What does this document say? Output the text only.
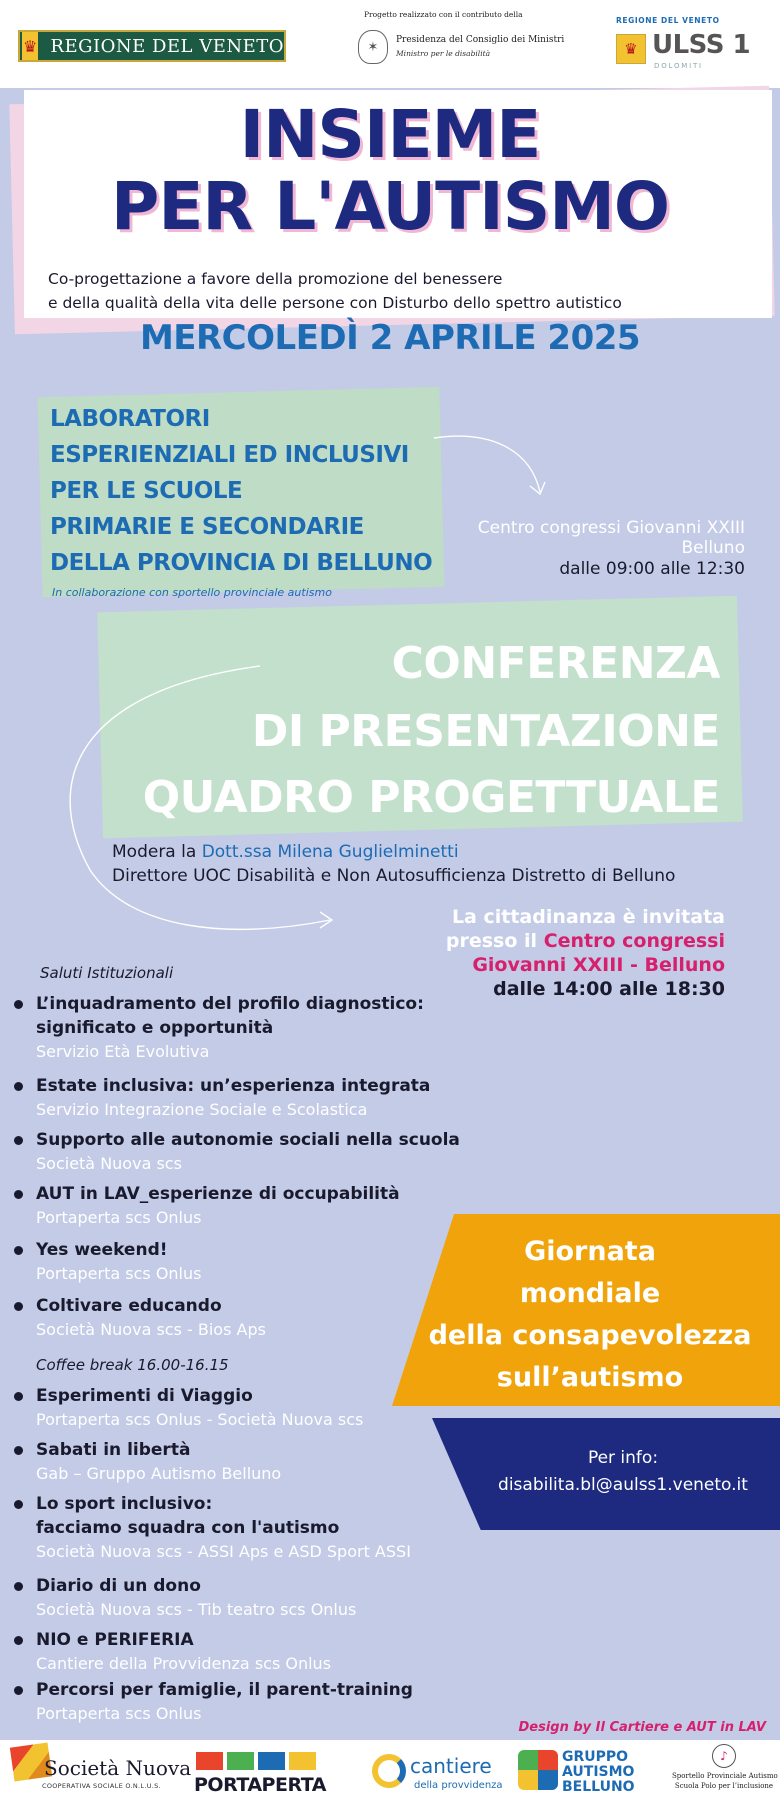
♛ REGIONE DEL VENETO
Progetto realizzato con il contributo della
✶	Presidenza del Consiglio dei Ministri
Ministro per le disabilità
REGIONE DEL VENETO
♛ ULSS 1
DOLOMITI
INSIEME
PER L'AUTISMO
Co-progettazione a favore della promozione del benessere
e della qualità della vita delle persone con Disturbo dello spettro autistico
MERCOLEDÌ 2 APRILE 2025
LABORATORI
ESPERIENZIALI ED INCLUSIVI
PER LE SCUOLE
PRIMARIE E SECONDARIE
DELLA PROVINCIA DI BELLUNO
In collaborazione con sportello provinciale autismo
Centro congressi Giovanni XXIII
Belluno
dalle 09:00 alle 12:30
CONFERENZA
DI PRESENTAZIONE
QUADRO PROGETTUALE
Modera la Dott.ssa Milena Guglielminetti
Direttore UOC Disabilità e Non Autosufficienza Distretto di Belluno
La cittadinanza è invitata
presso il Centro congressi
Giovanni XXIII - Belluno
dalle 14:00 alle 18:30
Saluti Istituzionali
L’inquadramento del profilo diagnostico:
significato e opportunità
Servizio Età Evolutiva
Estate inclusiva: un’esperienza integrata
Servizio Integrazione Sociale e Scolastica
Supporto alle autonomie sociali nella scuola
Società Nuova scs
AUT in LAV_esperienze di occupabilità
Portaperta scs Onlus
Yes weekend!
Portaperta scs Onlus
Coltivare educando
Società Nuova scs - Bios Aps
Coffee break 16.00-16.15
Esperimenti di Viaggio
Portaperta scs Onlus - Società Nuova scs
Sabati in libertà
Gab – Gruppo Autismo Belluno
Lo sport inclusivo:
facciamo squadra con l'autismo
Società Nuova scs - ASSI Aps e ASD Sport ASSI
Diario di un dono
Società Nuova scs - Tib teatro scs Onlus
NIO e PERIFERIA
Cantiere della Provvidenza scs Onlus
Percorsi per famiglie, il parent-training
Portaperta scs Onlus
Giornata
mondiale
della consapevolezza
sull’autismo
Per info:
disabilita.bl@aulss1.veneto.it
Design by Il Cartiere e AUT in LAV
Società Nuova
COOPERATIVA SOCIALE O.N.L.U.S. PORTAPERTA
cantiere
della provvidenza
GRUPPO
AUTISMO
BELLUNO
♪
Sportello Provinciale Autismo
Scuola Polo per l’inclusione
